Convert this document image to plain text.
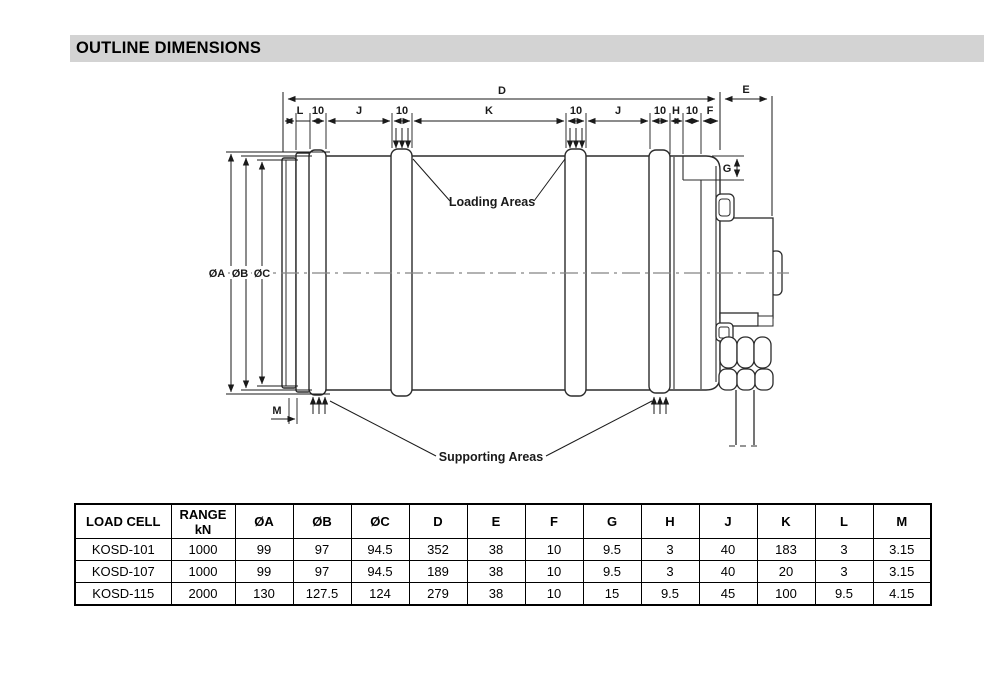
OUTLINE DIMENSIONS
D	E
L 10	J	10	K	10	J	10 H 10 F
ØA ØB ØC
G
M
Loading Areas
Supporting Areas
LOAD CELL	RANGE kN	ØA	ØB	ØC	D	E	F	G	H	J	K	L	M
KOSD-101	1000	99	97	94.5	352	38	10	9.5	3	40	183	3	3.15
KOSD-107	1000	99	97	94.5	189	38	10	9.5	3	40	20	3	3.15
KOSD-115	2000	130	127.5	124	279	38	10	15	9.5	45	100	9.5	4.15
